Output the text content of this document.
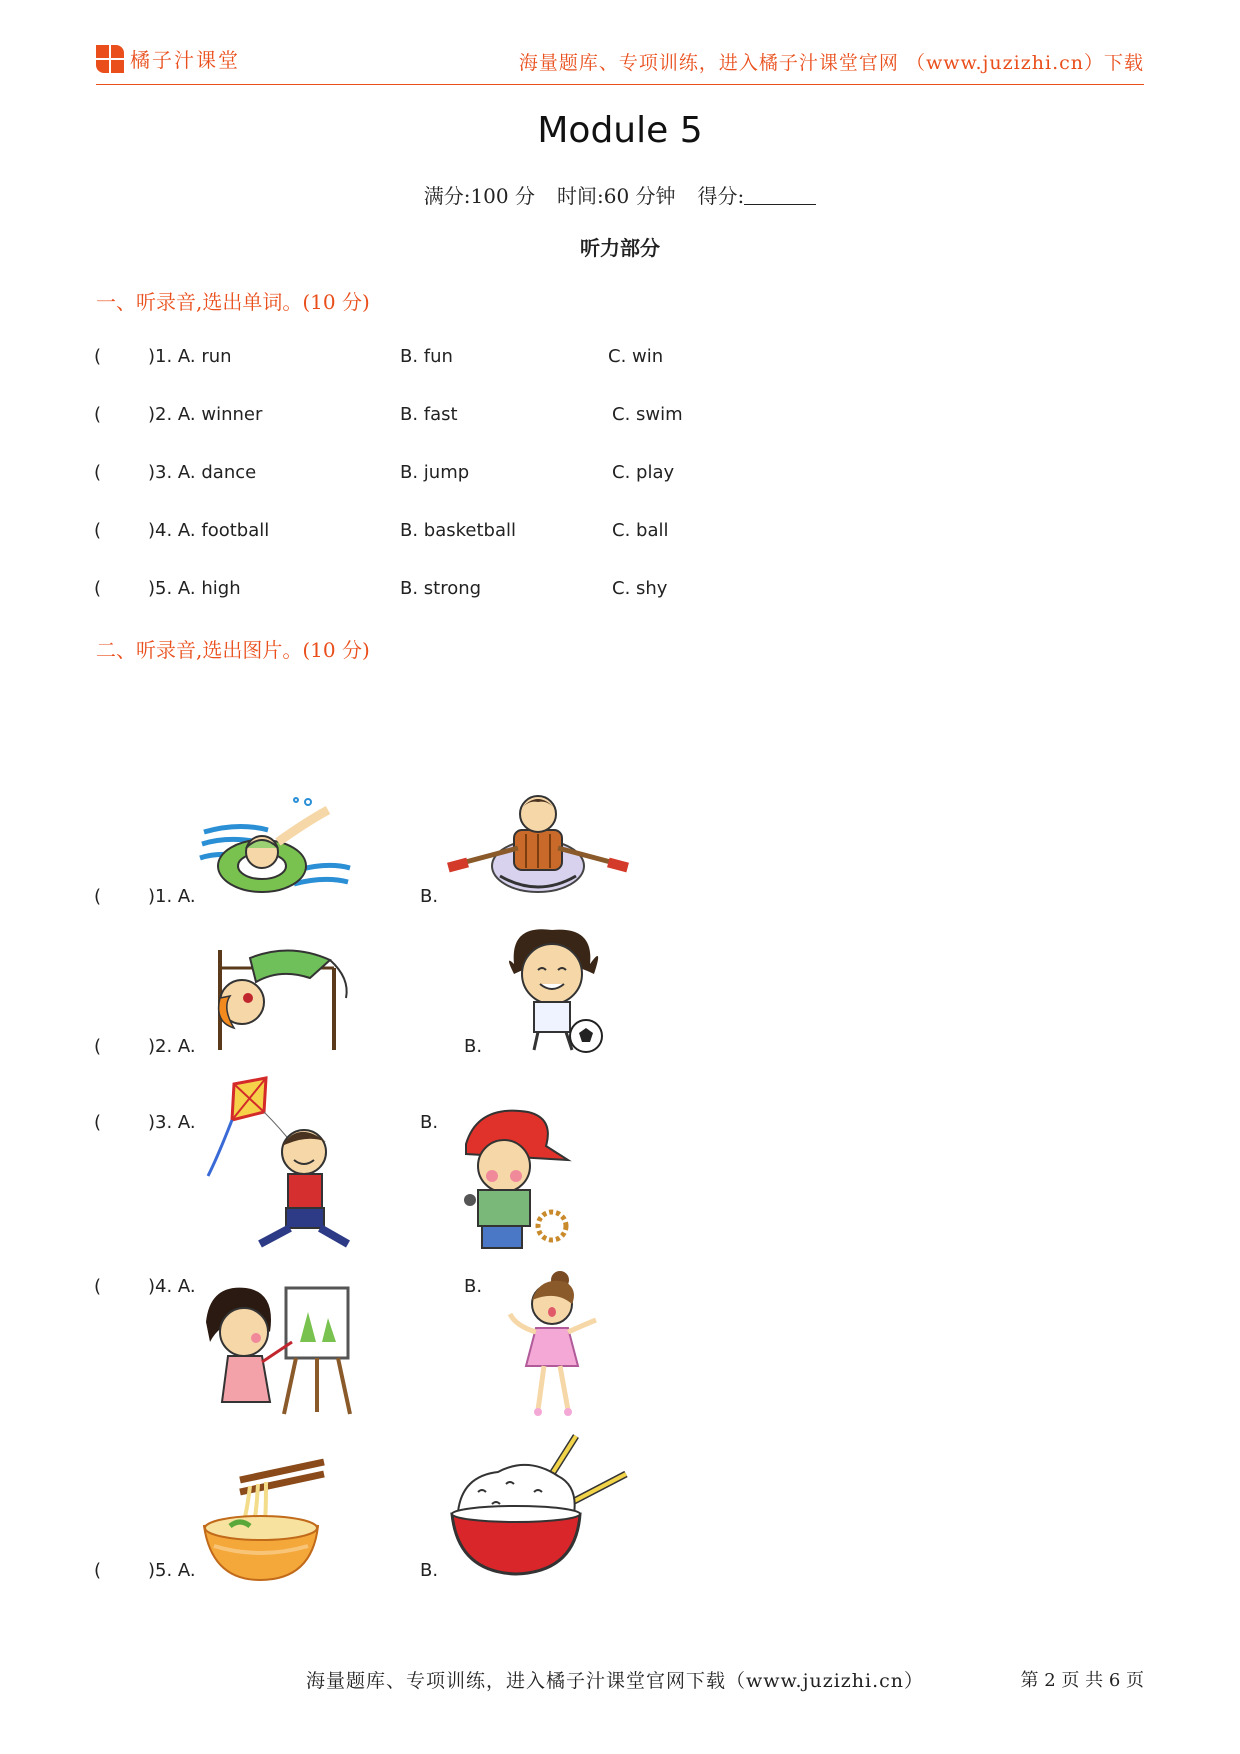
橘子汁课堂	海量题库、专项训练，进入橘子汁课堂官网 （www.juzizhi.cn）下载
Module 5
满分:100 分 时间:60 分钟 得分:
听力部分
一、听录音,选出单词。(10 分)
(	)1. A. run	B. fun	C. win
(	)2. A. winner	B. fast	C. swim
(	)3. A. dance	B. jump	C. play
(	)4. A. football	B. basketball	C. ball
(	)5. A. high	B. strong	C. shy
二、听录音,选出图片。(10 分)
(	)1. A.	B.
(	)2. A.	B.
(	)3. A.	B.
(	)4. A.	B.
(	)5. A.	B.
海量题库、专项训练，进入橘子汁课堂官网下载（www.juzizhi.cn）	第 2 页 共 6 页
